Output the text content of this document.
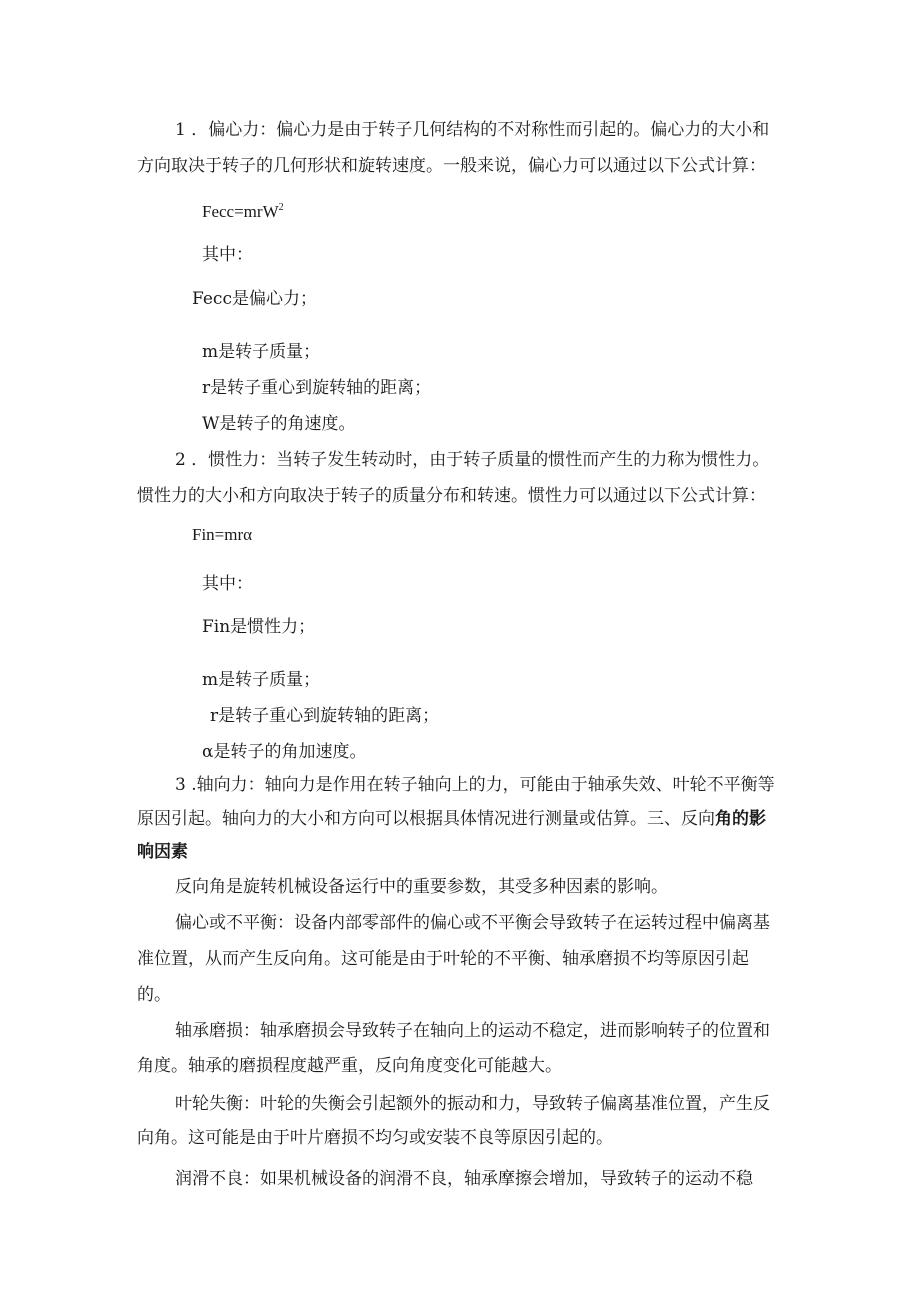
1 ．偏心力：偏心力是由于转子几何结构的不对称性而引起的。偏心力的大小和
方向取决于转子的几何形状和旋转速度。一般来说，偏心力可以通过以下公式计算：
Fecc=mrW$^2$
其中：
Fecc是偏心力；
m是转子质量；
r是转子重心到旋转轴的距离；
W是转子的角速度。
2 ．惯性力：当转子发生转动时，由于转子质量的惯性而产生的力称为惯性力。
惯性力的大小和方向取决于转子的质量分布和转速。惯性力可以通过以下公式计算：
Fin=mrα
其中：
Fin是惯性力；
m是转子质量；
r是转子重心到旋转轴的距离；
α是转子的角加速度。
3 .轴向力：轴向力是作用在转子轴向上的力，可能由于轴承失效、叶轮不平衡等
原因引起。轴向力的大小和方向可以根据具体情况进行测量或估算。三、反向角的影
响因素
反向角是旋转机械设备运行中的重要参数，其受多种因素的影响。
偏心或不平衡：设备内部零部件的偏心或不平衡会导致转子在运转过程中偏离基
准位置，从而产生反向角。这可能是由于叶轮的不平衡、轴承磨损不均等原因引起
的。
轴承磨损：轴承磨损会导致转子在轴向上的运动不稳定，进而影响转子的位置和
角度。轴承的磨损程度越严重，反向角度变化可能越大。
叶轮失衡：叶轮的失衡会引起额外的振动和力，导致转子偏离基准位置，产生反
向角。这可能是由于叶片磨损不均匀或安装不良等原因引起的。
润滑不良：如果机械设备的润滑不良，轴承摩擦会增加，导致转子的运动不稳
